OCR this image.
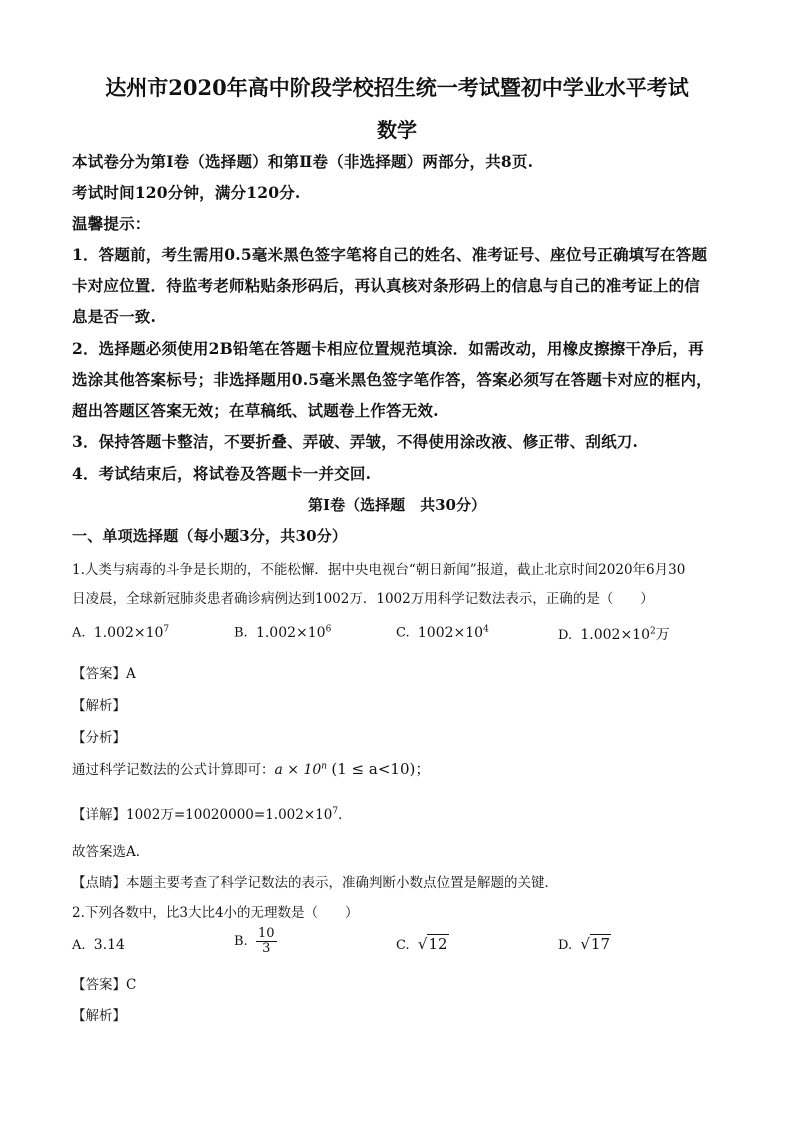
达州市2020年高中阶段学校招生统一考试暨初中学业水平考试
数学
本试卷分为第Ⅰ卷（选择题）和第Ⅱ卷（非选择题）两部分，共8页.
考试时间120分钟，满分120分.
温馨提示：
1．答题前，考生需用0.5毫米黑色签字笔将自己的姓名、准考证号、座位号正确填写在答题
卡对应位置．待监考老师粘贴条形码后，再认真核对条形码上的信息与自己的准考证上的信
息是否一致.
2．选择题必须使用2B铅笔在答题卡相应位置规范填涂．如需改动，用橡皮擦擦干净后，再
选涂其他答案标号；非选择题用0.5毫米黑色签字笔作答，答案必须写在答题卡对应的框内，
超出答题区答案无效；在草稿纸、试题卷上作答无效.
3．保持答题卡整洁，不要折叠、弄破、弄皱，不得使用涂改液、修正带、刮纸刀.
4．考试结束后，将试卷及答题卡一并交回.
第Ⅰ卷（选择题　共30分）
一、单项选择题（每小题3分，共30分）
1.人类与病毒的斗争是长期的，不能松懈．据中央电视台“朝日新闻”报道，截止北京时间2020年6月30
日凌晨，全球新冠肺炎患者确诊病例达到1002万．1002万用科学记数法表示，正确的是（　　）
A. $1.002\times 10^7$	B. $1.002\times 10^6$	C. $1002\times 10^4$	D. $1.002\times 10^2$万
【答案】A
【解析】
【分析】
通过科学记数法的公式计算即可：$a \times 10^n$ (1 ≤ a<10)；
【详解】1002万$=10020000=1.002\times 10^7$．
故答案选A．
【点睛】本题主要考查了科学记数法的表示，准确判断小数点位置是解题的关键．
2.下列各数中，比3大比4小的无理数是（　　）
A. 3.14	B. $\frac{10}{3}$	C. √12	D. √17
【答案】C
【解析】
